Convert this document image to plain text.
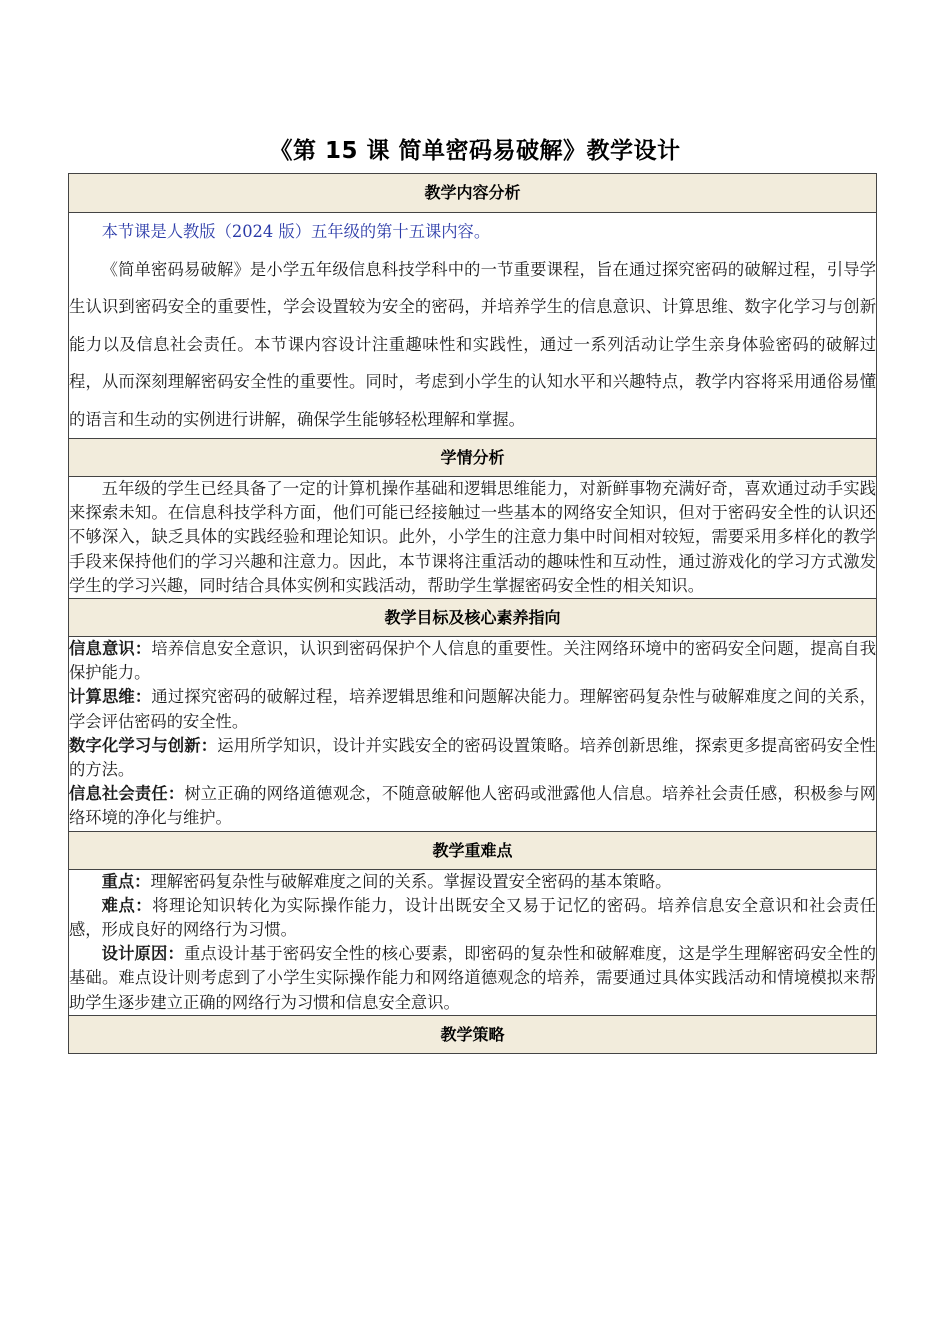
《第 15 课 简单密码易破解》教学设计
教学内容分析

本节课是人教版（2024 版）五年级的第十五课内容。

《简单密码易破解》是小学五年级信息科技学科中的一节重要课程，旨在通过探究密码的破解过程，引导学生认识到密码安全的重要性，学会设置较为安全的密码，并培养学生的信息意识、计算思维、数字化学习与创新能力以及信息社会责任。本节课内容设计注重趣味性和实践性，通过一系列活动让学生亲身体验密码的破解过程，从而深刻理解密码安全性的重要性。同时，考虑到小学生的认知水平和兴趣特点，教学内容将采用通俗易懂的语言和生动的实例进行讲解，确保学生能够轻松理解和掌握。

学情分析

五年级的学生已经具备了一定的计算机操作基础和逻辑思维能力，对新鲜事物充满好奇，喜欢通过动手实践来探索未知。在信息科技学科方面，他们可能已经接触过一些基本的网络安全知识，但对于密码安全性的认识还不够深入，缺乏具体的实践经验和理论知识。此外，小学生的注意力集中时间相对较短，需要采用多样化的教学手段来保持他们的学习兴趣和注意力。因此，本节课将注重活动的趣味性和互动性，通过游戏化的学习方式激发学生的学习兴趣，同时结合具体实例和实践活动，帮助学生掌握密码安全性的相关知识。

教学目标及核心素养指向

信息意识：培养信息安全意识，认识到密码保护个人信息的重要性。关注网络环境中的密码安全问题，提高自我保护能力。

计算思维：通过探究密码的破解过程，培养逻辑思维和问题解决能力。理解密码复杂性与破解难度之间的关系，学会评估密码的安全性。

数字化学习与创新：运用所学知识，设计并实践安全的密码设置策略。培养创新思维，探索更多提高密码安全性的方法。

信息社会责任：树立正确的网络道德观念，不随意破解他人密码或泄露他人信息。培养社会责任感，积极参与网络环境的净化与维护。

教学重难点

重点：理解密码复杂性与破解难度之间的关系。掌握设置安全密码的基本策略。

难点：将理论知识转化为实际操作能力，设计出既安全又易于记忆的密码。培养信息安全意识和社会责任感，形成良好的网络行为习惯。

设计原因：重点设计基于密码安全性的核心要素，即密码的复杂性和破解难度，这是学生理解密码安全性的基础。难点设计则考虑到了小学生实际操作能力和网络道德观念的培养，需要通过具体实践活动和情境模拟来帮助学生逐步建立正确的网络行为习惯和信息安全意识。

教学策略
